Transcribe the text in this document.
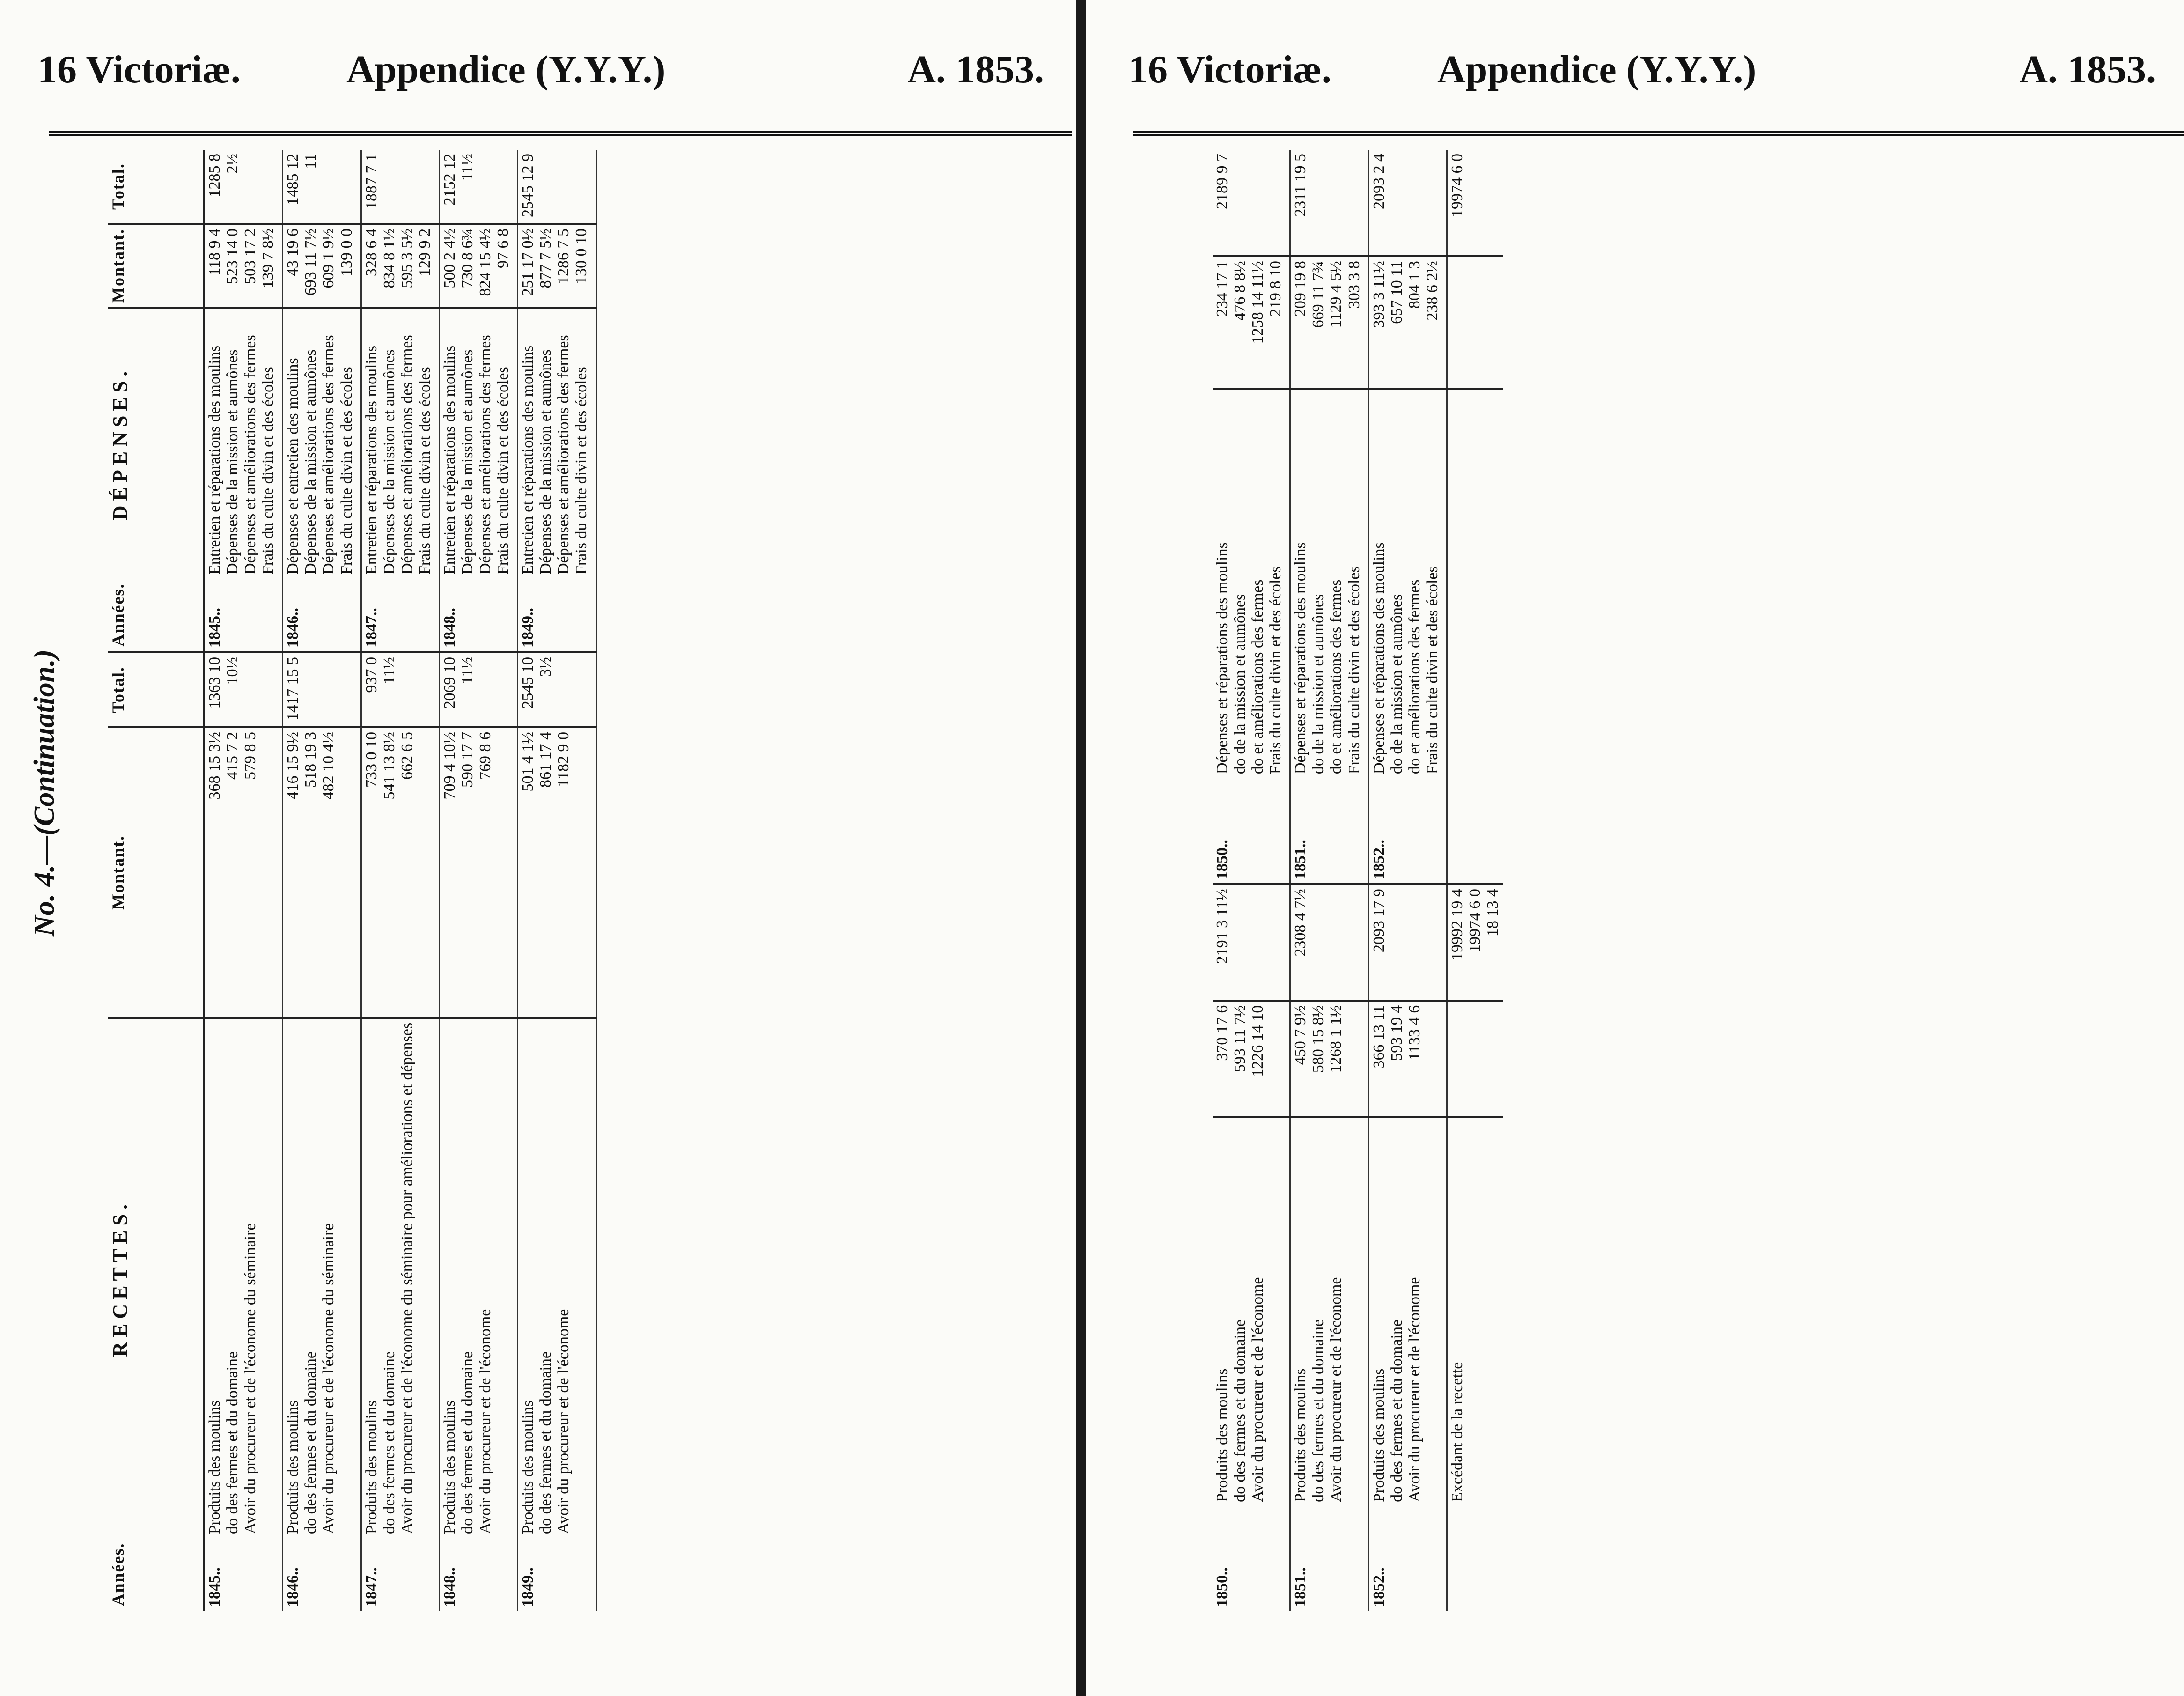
16 Victoriæ.	Appendice (Y.Y.Y.)	A. 1853.
No. 4.—(Continuation.)
Années.	RECETTES.	Montant.	Total.	Années.	DÉPENSES.	Montant.	Total.
1845..	Produits des moulins do des fermes et du domaine Avoir du procureur et de l'économe du séminaire	368 15 3½ 415 7 2 579 8 5	1363 10 10½	1845..	Entretien et réparations des moulins Dépenses de la mission et aumônes Dépenses et améliorations des fermes Frais du culte divin et des écoles	118 9 4 523 14 0 503 17 2 139 7 8½	1285 8 2½
1846..	Produits des moulins do des fermes et du domaine Avoir du procureur et de l'économe du séminaire	416 15 9½ 518 19 3 482 10 4½	1417 15 5	1846..	Dépenses et entretien des moulins Dépenses de la mission et aumônes Dépenses et améliorations des fermes Frais du culte divin et des écoles	43 19 6 693 11 7½ 609 1 9½ 139 0 0	1485 12 11
1847..	Produits des moulins do des fermes et du domaine Avoir du procureur et de l'économe du séminaire pour améliorations et dépenses	733 0 10 541 13 8½ 662 6 5	937 0 11½	1847..	Entretien et réparations des moulins Dépenses de la mission et aumônes Dépenses et améliorations des fermes Frais du culte divin et des écoles	328 6 4 834 8 1½ 595 3 5½ 129 9 2	1887 7 1
1848..	Produits des moulins do des fermes et du domaine Avoir du procureur et de l'économe	709 4 10½ 590 17 7 769 8 6	2069 10 11½	1848..	Entretien et réparations des moulins Dépenses de la mission et aumônes Dépenses et améliorations des fermes Frais du culte divin et des écoles	500 2 4½ 730 8 6¾ 824 15 4½ 97 6 8	2152 12 11½
1849..	Produits des moulins do des fermes et du domaine Avoir du procureur et de l'économe	501 4 1½ 861 17 4 1182 9 0	2545 10 3½	1849..	Entretien et réparations des moulins Dépenses de la mission et aumônes Dépenses et améliorations des fermes Frais du culte divin et des écoles	251 17 0½ 877 7 5½ 1286 7 5 130 0 10	2545 12 9
16 Victoriæ.	Appendice (Y.Y.Y.)	A. 1853.
1850..	Produits des moulins do des fermes et du domaine Avoir du procureur et de l'économe	370 17 6 593 11 7½ 1226 14 10	2191 3 11½	1850..	Dépenses et réparations des moulins do de la mission et aumônes do et améliorations des fermes Frais du culte divin et des écoles	234 17 1 476 8 8½ 1258 14 11½ 219 8 10	2189 9 7
1851..	Produits des moulins do des fermes et du domaine Avoir du procureur et de l'économe	450 7 9½ 580 15 8½ 1268 1 1½	2308 4 7½	1851..	Dépenses et réparations des moulins do de la mission et aumônes do et améliorations des fermes Frais du culte divin et des écoles	209 19 8 669 11 7¾ 1129 4 5½ 303 3 8	2311 19 5
1852..	Produits des moulins do des fermes et du domaine Avoir du procureur et de l'économe	366 13 11 593 19 4 1133 4 6	2093 17 9	1852..	Dépenses et réparations des moulins do de la mission et aumônes do et améliorations des fermes Frais du culte divin et des écoles	393 3 11½ 657 10 11 804 1 3 238 6 2½	2093 2 4

	Excédant de la recette		19992 19 4 19974 6 0 18 13 4				19974 6 0
